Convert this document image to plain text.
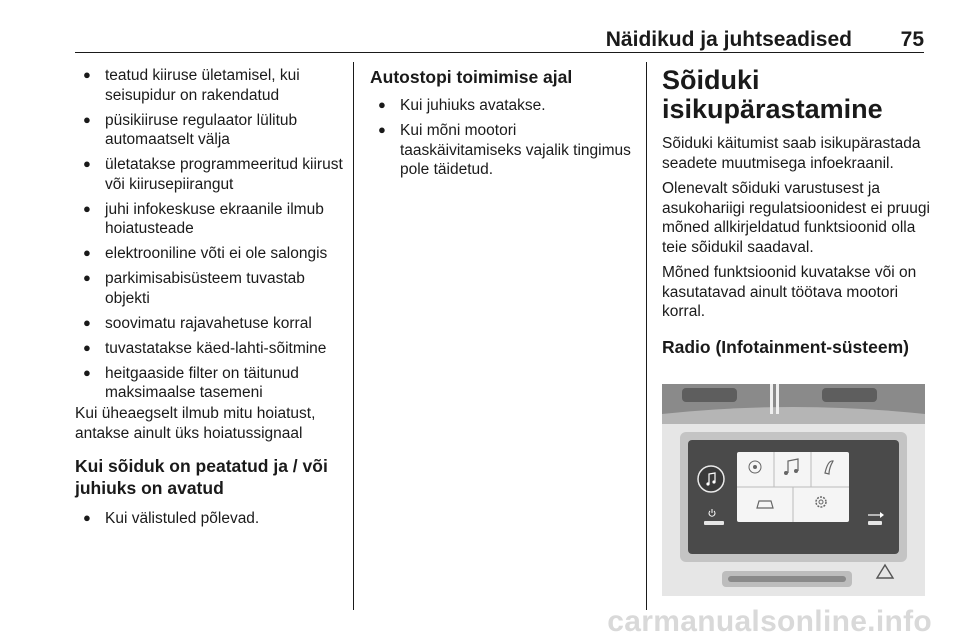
Näidikud ja juhtseadised 75
● teatud kiiruse ületamisel, kui seisupidur on rakendatud
● püsikiiruse regulaator lülitub automaatselt välja
● ületatakse programmeeritud kiirust või kiirusepiirangut
● juhi infokeskuse ekraanile ilmub hoiatusteade
● elektrooniline võti ei ole salongis
● parkimisabisüsteem tuvastab objekti
● soovimatu rajavahetuse korral
● tuvastatakse käed-lahti-sõitmine
● heitgaaside filter on täitunud maksimaalse tasemeni

Kui üheaegselt ilmub mitu hoiatust, antakse ainult üks hoiatussignaal

Kui sõiduk on peatatud ja / või juhiuks on avatud
● Kui välistuled põlevad.
Autostopi toimimise ajal
● Kui juhiuks avatakse.
● Kui mõni mootori taaskäivitamiseks vajalik tingimus pole täidetud.
Sõiduki isikupärastamine

Sõiduki käitumist saab isikupärastada seadete muutmisega infoekraanil.

Olenevalt sõiduki varustusest ja asukohariigi regulatsioonidest ei pruugi mõned allkirjeldatud funktsioonid olla teie sõidukil saadaval.

Mõned funktsioonid kuvatakse või on kasutatavad ainult töötava mootori korral.

Radio (Infotainment-süsteem)
carmanualsonline.info
